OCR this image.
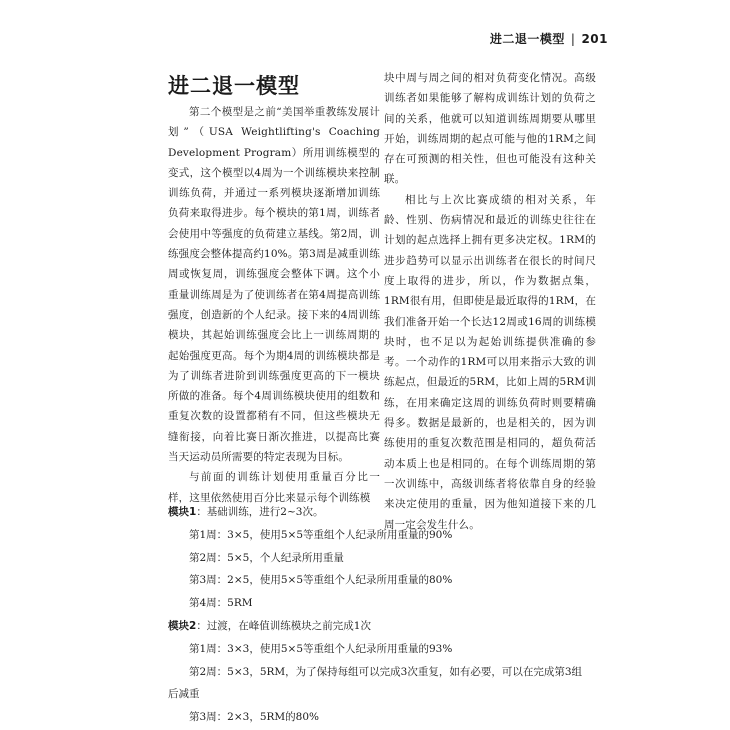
进二退一模型 | 201
进二退一模型

第二个模型是之前“美国举重教练发展计划”（USA Weightlifting's Coaching Development Program）所用训练模型的变式，这个模型以4周为一个训练模块来控制训练负荷，并通过一系列模块逐渐增加训练负荷来取得进步。每个模块的第1周，训练者会使用中等强度的负荷建立基线。第2周，训练强度会整体提高约10%。第3周是减重训练周或恢复周，训练强度会整体下调。这个小重量训练周是为了使训练者在第4周提高训练强度，创造新的个人纪录。接下来的4周训练模块，其起始训练强度会比上一训练周期的起始强度更高。每个为期4周的训练模块都是为了训练者进阶到训练强度更高的下一模块所做的准备。每个4周训练模块使用的组数和重复次数的设置都稍有不同，但这些模块无缝衔接，向着比赛日渐次推进，以提高比赛当天运动员所需要的特定表现为目标。

与前面的训练计划使用重量百分比一样，这里依然使用百分比来显示每个训练模

块中周与周之间的相对负荷变化情况。高级训练者如果能够了解构成训练计划的负荷之间的关系，他就可以知道训练周期要从哪里开始，训练周期的起点可能与他的1RM之间存在可预测的相关性，但也可能没有这种关联。

相比与上次比赛成绩的相对关系，年龄、性别、伤病情况和最近的训练史往往在计划的起点选择上拥有更多决定权。1RM的进步趋势可以显示出训练者在很长的时间尺度上取得的进步，所以，作为数据点集，1RM很有用，但即使是最近取得的1RM，在我们准备开始一个长达12周或16周的训练模块时，也不足以为起始训练提供准确的参考。一个动作的1RM可以用来指示大致的训练起点，但最近的5RM，比如上周的5RM训练，在用来确定这周的训练负荷时则要精确得多。数据是最新的，也是相关的，因为训练使用的重复次数范围是相同的，超负荷活动本质上也是相同的。在每个训练周期的第一次训练中，高级训练者将依靠自身的经验来决定使用的重量，因为他知道接下来的几周一定会发生什么。

模块1：基础训练，进行2~3次。
第1周：3×5，使用5×5等重组个人纪录所用重量的90%
第2周：5×5，个人纪录所用重量
第3周：2×5，使用5×5等重组个人纪录所用重量的80%
第4周：5RM
模块2：过渡，在峰值训练模块之前完成1次
第1周：3×3，使用5×5等重组个人纪录所用重量的93%
第2周：5×3，5RM，为了保持每组可以完成3次重复，如有必要，可以在完成第3组
后减重
第3周：2×3，5RM的80%
